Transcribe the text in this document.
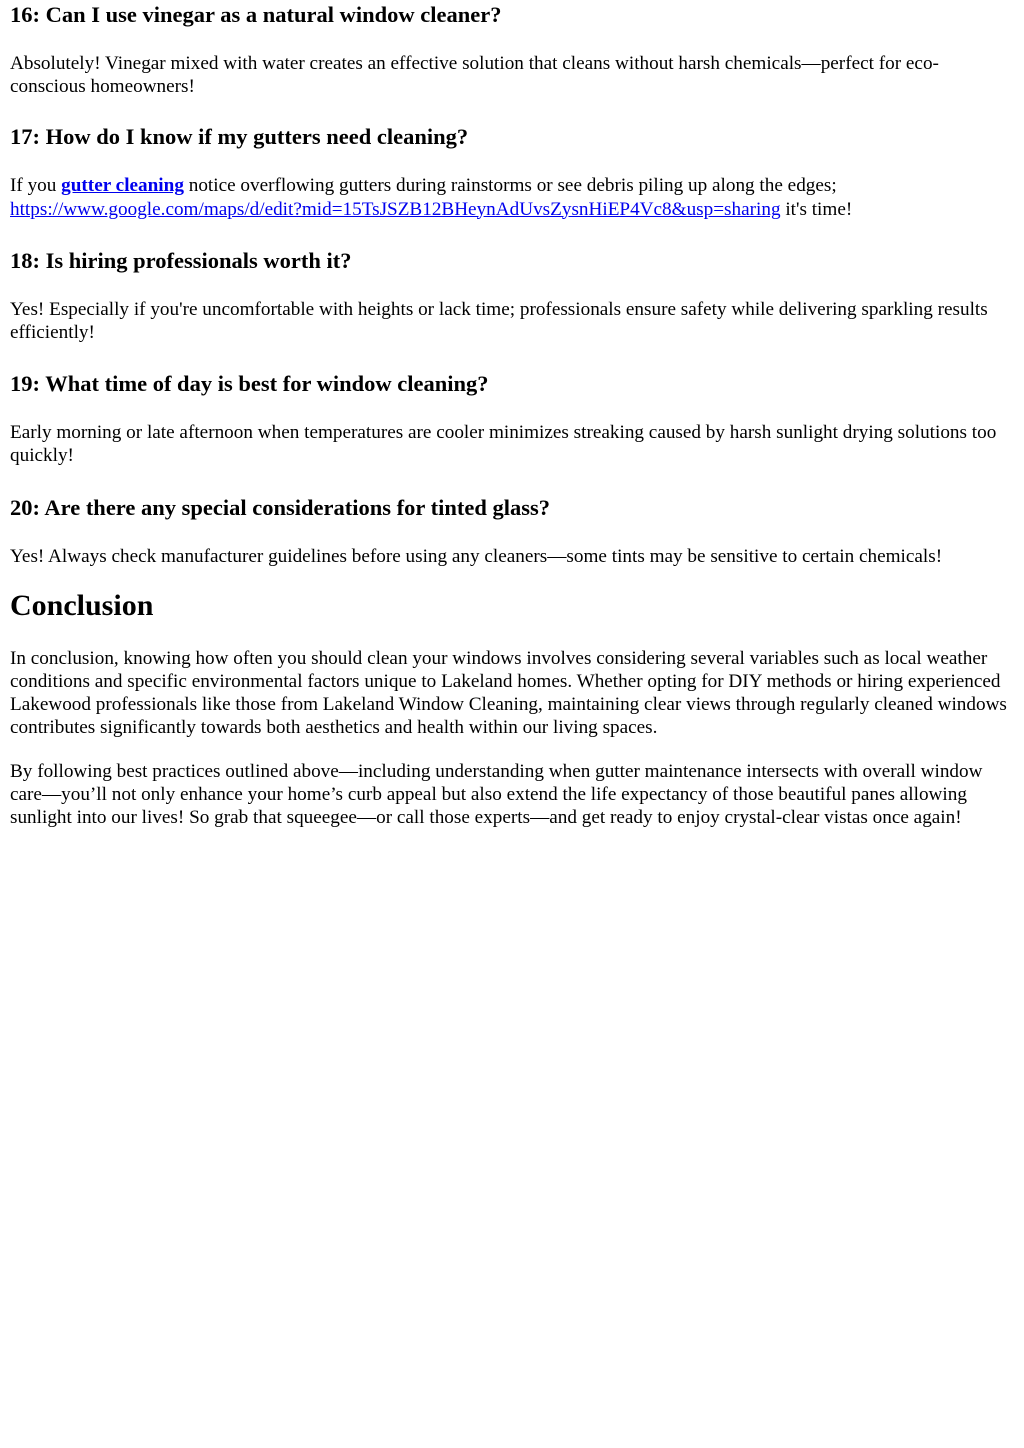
16: Can I use vinegar as a natural window cleaner?

Absolutely! Vinegar mixed with water creates an effective solution that cleans without harsh chemicals—perfect for eco-conscious homeowners!

17: How do I know if my gutters need cleaning?

If you gutter cleaning notice overflowing gutters during rainstorms or see debris piling up along the edges; https://www.google.com/maps/d/edit?mid=15TsJSZB12BHeynAdUvsZysnHiEP4Vc8&usp=sharing it's time!

18: Is hiring professionals worth it?

Yes! Especially if you're uncomfortable with heights or lack time; professionals ensure safety while delivering sparkling results efficiently!

19: What time of day is best for window cleaning?

Early morning or late afternoon when temperatures are cooler minimizes streaking caused by harsh sunlight drying solutions too quickly!

20: Are there any special considerations for tinted glass?

Yes! Always check manufacturer guidelines before using any cleaners—some tints may be sensitive to certain chemicals!

Conclusion

In conclusion, knowing how often you should clean your windows involves considering several variables such as local weather conditions and specific environmental factors unique to Lakeland homes. Whether opting for DIY methods or hiring experienced Lakewood professionals like those from Lakeland Window Cleaning, maintaining clear views through regularly cleaned windows contributes significantly towards both aesthetics and health within our living spaces.

By following best practices outlined above—including understanding when gutter maintenance intersects with overall window care—you’ll not only enhance your home’s curb appeal but also extend the life expectancy of those beautiful panes allowing sunlight into our lives! So grab that squeegee—or call those experts—and get ready to enjoy crystal-clear vistas once again!
